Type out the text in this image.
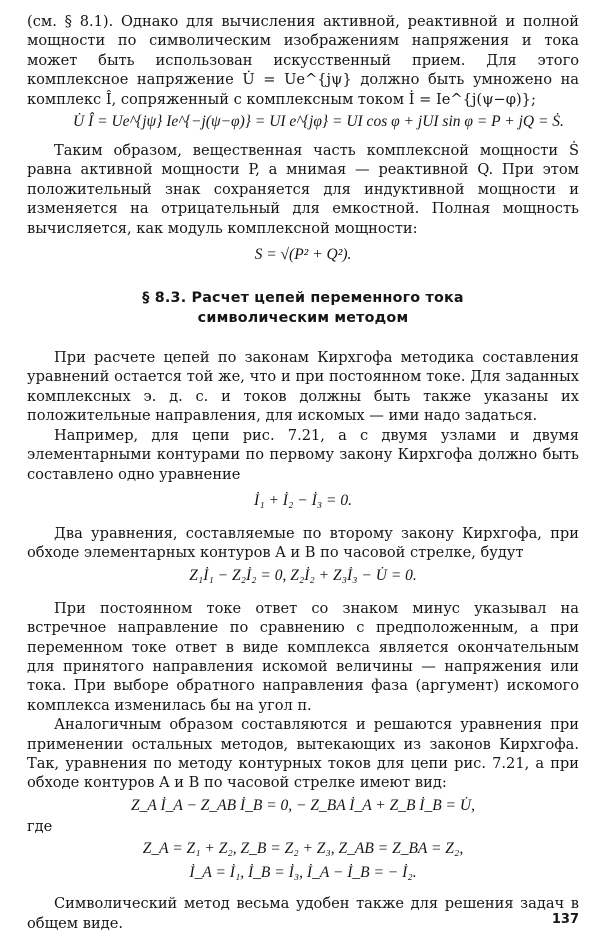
(см. § 8.1). Однако для вычисления активной, реактивной и полной мощности по символическим изображениям напряжения и тока может быть использован искусственный прием. Для этого комплексное напряжение U̇ = Ue^{jψ} должно быть умножено на комплекс Î, сопряженный с комплексным током İ = Ie^{j(ψ−φ)};

U̇ Î = Ue^{jψ} Ie^{−j(ψ−φ)} = UI e^{jφ} = UI cos φ + jUI sin φ = P + jQ = Ṡ.

Таким образом, вещественная часть комплексной мощности Ṡ равна активной мощности P, а мнимая — реактивной Q. При этом положительный знак сохраняется для индуктивной мощности и изменяется на отрицательный для емкостной. Полная мощность вычисляется, как модуль комплексной мощности:

S = √(P² + Q²).
§ 8.3. Расчет цепей переменного тока
символическим методом

При расчете цепей по законам Кирхгофа методика составления уравнений остается той же, что и при постоянном токе. Для заданных комплексных э. д. с. и токов должны быть также указаны их положительные направления, для искомых — ими надо задаться.

Например, для цепи рис. 7.21, а с двумя узлами и двумя элементарными контурами по первому закону Кирхгофа должно быть составлено одно уравнение

İ₁ + İ₂ − İ₃ = 0.

Два уравнения, составляемые по второму закону Кирхгофа, при обходе элементарных контуров A и B по часовой стрелке, будут

Z₁İ₁ − Z₂İ₂ = 0, Z₂İ₂ + Z₃İ₃ − U̇ = 0.

При постоянном токе ответ со знаком минус указывал на встречное направление по сравнению с предположенным, а при переменном токе ответ в виде комплекса является окончательным для принятого направления искомой величины — напряжения или тока. При выборе обратного направления фаза (аргумент) искомого комплекса изменилась бы на угол π.

Аналогичным образом составляются и решаются уравнения при применении остальных методов, вытекающих из законов Кирхгофа. Так, уравнения по методу контурных токов для цепи рис. 7.21, а при обходе контуров A и B по часовой стрелке имеют вид:

Z_A İ_A − Z_AB İ_B = 0, − Z_BA İ_A + Z_B İ_B = U̇,

где

Z_A = Z₁ + Z₂, Z_B = Z₂ + Z₃, Z_AB = Z_BA = Z₂,
İ_A = İ₁, İ_B = İ₃, İ_A − İ_B = − İ₂.

Символический метод весьма удобен также для решения задач в общем виде.	137
